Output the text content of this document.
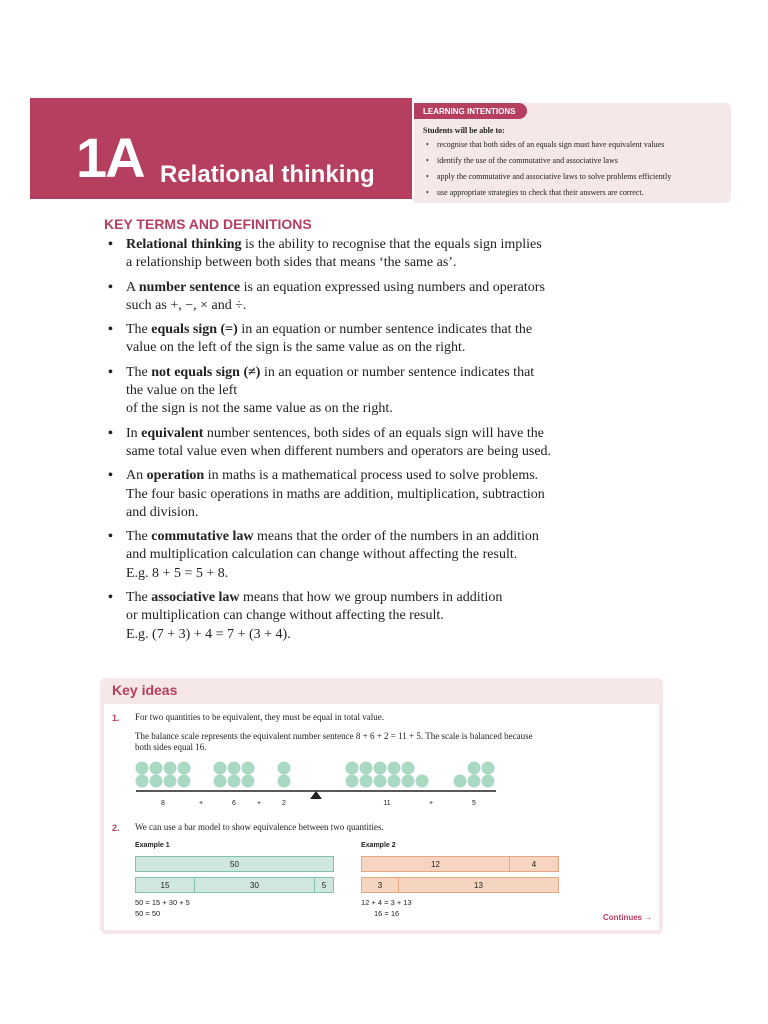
1A Relational thinking
LEARNING INTENTIONS
Students will be able to:
• recognise that both sides of an equals sign must have equivalent values
• identify the use of the commutative and associative laws
• apply the commutative and associative laws to solve problems efficiently
• use appropriate strategies to check that their answers are correct.
KEY TERMS AND DEFINITIONS
• Relational thinking is the ability to recognise that the equals sign implies
a relationship between both sides that means ‘the same as’.
• A number sentence is an equation expressed using numbers and operators
such as +, −, × and ÷.
• The equals sign (=) in an equation or number sentence indicates that the
value on the left of the sign is the same value as on the right.
• The not equals sign (≠) in an equation or number sentence indicates that
the value on the left
of the sign is not the same value as on the right.
• In equivalent number sentences, both sides of an equals sign will have the
same total value even when different numbers and operators are being used.
• An operation in maths is a mathematical process used to solve problems.
The four basic operations in maths are addition, multiplication, subtraction
and division.
• The commutative law means that the order of the numbers in an addition
and multiplication calculation can change without affecting the result.
E.g. 8 + 5 = 5 + 8.
• The associative law means that how we group numbers in addition
or multiplication can change without affecting the result.
E.g. (7 + 3) + 4 = 7 + (3 + 4).
Key ideas
1. For two quantities to be equivalent, they must be equal in total value.
The balance scale represents the equivalent number sentence 8 + 6 + 2 = 11 + 5. The scale is balanced because
both sides equal 16.
8	+	6	+	2	11	+	5
2. We can use a bar model to show equivalence between two quantities.
Example 1
50
15	30	5
50 = 15 + 30 + 5
50 = 50
Example 2
12	4
3	13
12 + 4 = 3 + 13
16 = 16	Continues →
